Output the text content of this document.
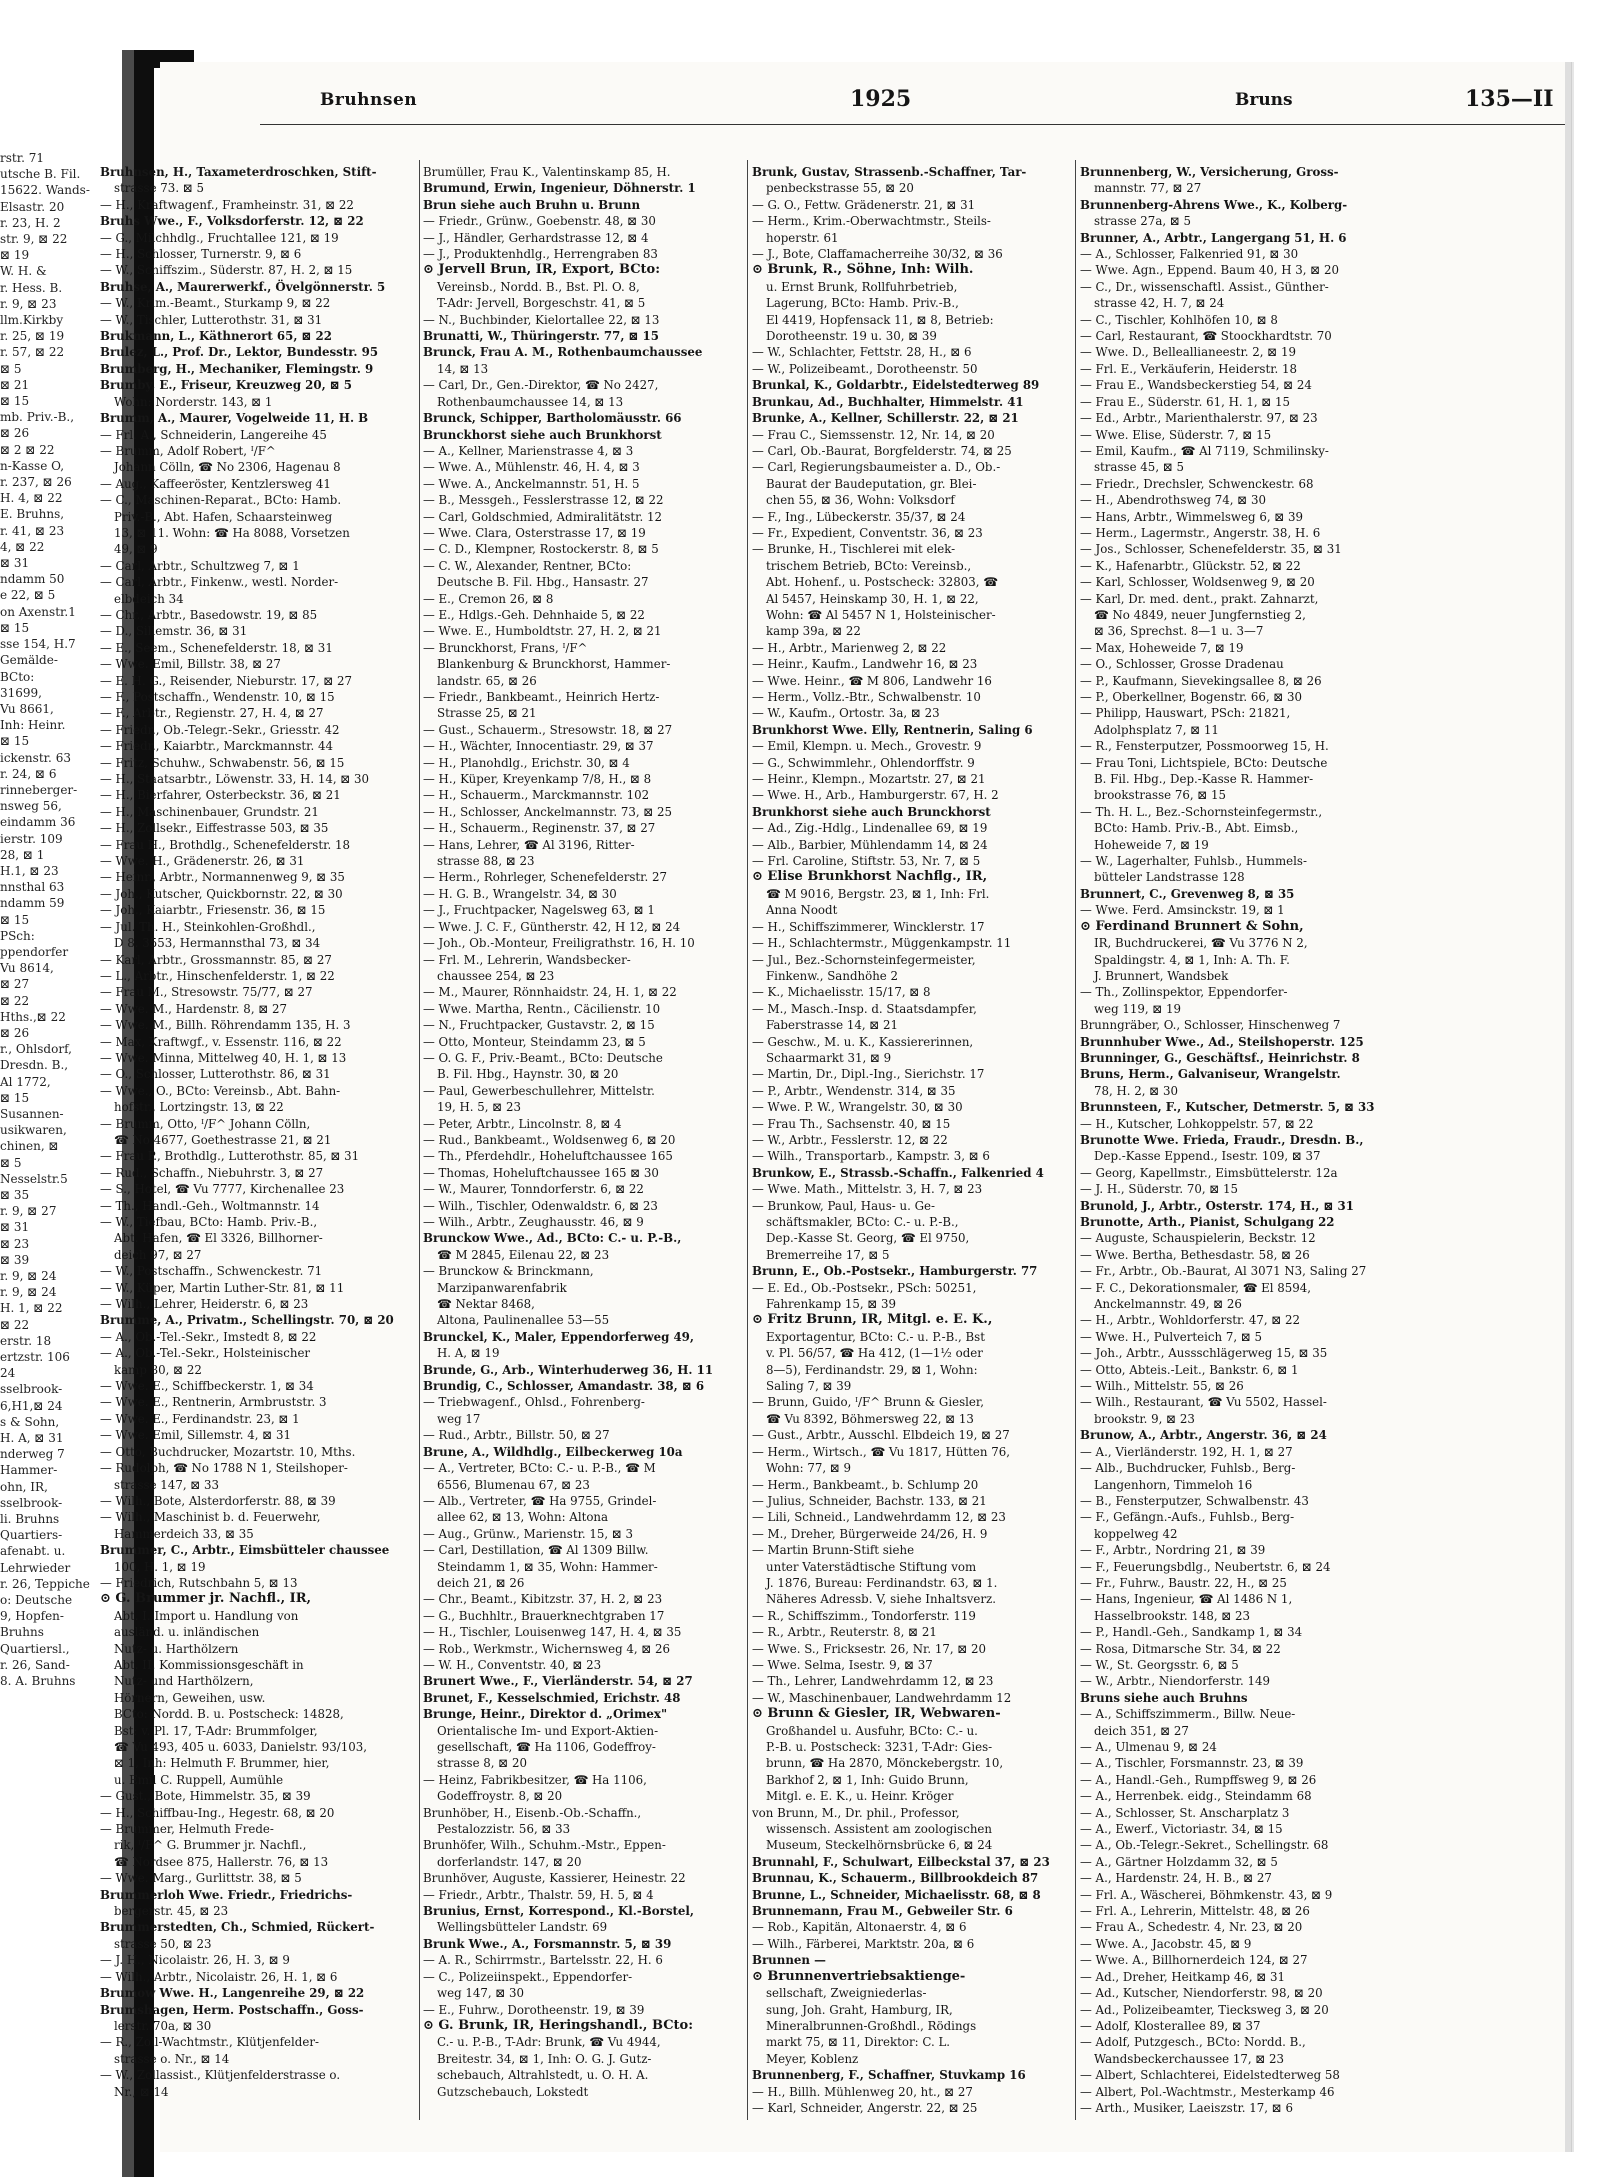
rstr. 71
utsche B. Fil.
15622. Wands-
Elsastr. 20
r. 23, H. 2
str. 9, ⊠ 22
⊠ 19
W. H. &
r. Hess. B.
r. 9, ⊠ 23
llm.Kirkby
r. 25, ⊠ 19
r. 57, ⊠ 22
⊠ 5
⊠ 21
⊠ 15
mb. Priv.-B.,
⊠ 26
⊠ 2 ⊠ 22
n-Kasse O,
r. 237, ⊠ 26
H. 4, ⊠ 22
E. Bruhns,
r. 41, ⊠ 23
4, ⊠ 22
⊠ 31
ndamm 50
e 22, ⊠ 5
on Axenstr.1
⊠ 15
sse 154, H.7
Gemälde-
BCto:
31699,
Vu 8661,
Inh: Heinr.
⊠ 15
ickenstr. 63
r. 24, ⊠ 6
rinneberger-
nsweg 56,
eindamm 36
ierstr. 109
28, ⊠ 1
H.1, ⊠ 23
nnsthal 63
ndamm 59
⊠ 15
PSch:
ppendorfer
Vu 8614,
⊠ 27
⊠ 22
Hths.,⊠ 22
⊠ 26
r., Ohlsdorf,
Dresdn. B.,
Al 1772,
⊠ 15
Susannen-
usikwaren,
chinen, ⊠
⊠ 5
Nesselstr.5
⊠ 35
r. 9, ⊠ 27
⊠ 31
⊠ 23
⊠ 39
r. 9, ⊠ 24
r. 9, ⊠ 24
H. 1, ⊠ 22
⊠ 22
erstr. 18
ertzstr. 106
24
sselbrook-
6,H1,⊠ 24
s & Sohn,
H. A, ⊠ 31
nderweg 7
Hammer-
ohn, IR,
sselbrook-
li. Bruhns
Quartiers-
afenabt. u.
Lehrwieder
r. 26, Teppiche
o: Deutsche
9, Hopfen-
Bruhns
Quartiersl.,
r. 26, Sand-
8. A. Bruhns
Bruhnsen	1925	Bruns	135—II
Bruhnsen, H., Taxameterdroschken, Stift-
strasse 73. ⊠ 5
— H., Kraftwagenf., Framheinstr. 31, ⊠ 22
Bruhs Wwe., F., Volksdorferstr. 12, ⊠ 22
— G., Milchhdlg., Fruchtallee 121, ⊠ 19
— H., Schlosser, Turnerstr. 9, ⊠ 6
— W., Schiffszim., Süderstr. 87, H. 2, ⊠ 15
Bruhse, A., Maurerwerkf., Övelgönnerstr. 5
— W., Krim.-Beamt., Sturkamp 9, ⊠ 22
— W., Tischler, Lutterothstr. 31, ⊠ 31
Brukmann, L., Käthnerort 65, ⊠ 22
Brulez, L., Prof. Dr., Lektor, Bundesstr. 95
Brumberg, H., Mechaniker, Flemingstr. 9
Brumby, E., Friseur, Kreuzweg 20, ⊠ 5
Wohn: Norderstr. 143, ⊠ 1
Brumm, A., Maurer, Vogelweide 11, H. B
— Frl. A., Schneiderin, Langereihe 45
— Brumm, Adolf Robert, ᴵ/F^
Johann Cölln, ☎ No 2306, Hagenau 8
— Aug., Kaffeeröster, Kentzlersweg 41
— C., Maschinen-Reparat., BCto: Hamb.
Priv.-B., Abt. Hafen, Schaarsteinweg
13, ⊠ 11. Wohn: ☎ Ha 8088, Vorsetzen
49, ⊠ 9
— Carl, Arbtr., Schultzweg 7, ⊠ 1
— Carl, Arbtr., Finkenw., westl. Norder-
elbdeich 34
— Chr., Arbtr., Basedowstr. 19, ⊠ 85
— D., Sillemstr. 36, ⊠ 31
— E., Seem., Schenefelderstr. 18, ⊠ 31
— Wwe. Emil, Billstr. 38, ⊠ 27
— E. H. G., Reisender, Nieburstr. 17, ⊠ 27
— F., Postschaffn., Wendenstr. 10, ⊠ 15
— F., Arbtr., Regienstr. 27, H. 4, ⊠ 27
— Friedr., Ob.-Telegr.-Sekr., Griesstr. 42
— Friedr., Kaiarbtr., Marckmannstr. 44
— Fritz, Schuhw., Schwabenstr. 56, ⊠ 15
— H., Staatsarbtr., Löwenstr. 33, H. 14, ⊠ 30
— H., Bierfahrer, Osterbeckstr. 36, ⊠ 21
— H., Maschinenbauer, Grundstr. 21
— H., Zollsekr., Eiffestrasse 503, ⊠ 35
— Frau H., Brothdlg., Schenefelderstr. 18
— Wwe. H., Grädenerstr. 26, ⊠ 31
— Heinr., Arbtr., Normannenweg 9, ⊠ 35
— Joh., Kutscher, Quickbornstr. 22, ⊠ 30
— Joh., Kaiarbtr., Friesenstr. 36, ⊠ 15
— Jul. Th. H., Steinkohlen-Großhdl.,
D 8. 3553, Hermannsthal 73, ⊠ 34
— Karl, Arbtr., Grossmannstr. 85, ⊠ 27
— L., Arbtr., Hinschenfelderstr. 1, ⊠ 22
— Frau M., Stresowstr. 75/77, ⊠ 27
— Wwe. M., Hardenstr. 8, ⊠ 27
— Wwe. M., Billh. Röhrendamm 135, H. 3
— Max, Kraftwgf., v. Essenstr. 116, ⊠ 22
— Wwe. Minna, Mittelweg 40, H. 1, ⊠ 13
— O., Schlosser, Lutterothstr. 86, ⊠ 31
— Wwe., O., BCto: Vereinsb., Abt. Bahn-
hofstr., Lortzingstr. 13, ⊠ 22
— Brumm, Otto, ᴵ/F^ Johann Cölln,
☎ No 4677, Goethestrasse 21, ⊠ 21
— Frau P., Brothdlg., Lutterothstr. 85, ⊠ 31
— Rud., Schaffn., Niebuhrstr. 3, ⊠ 27
— S., Hotel, ☎ Vu 7777, Kirchenallee 23
— Th., Handl.-Geh., Woltmannstr. 14
— W., Tiefbau, BCto: Hamb. Priv.-B.,
Abt. Hafen, ☎ El 3326, Billhorner-
deich 97, ⊠ 27
— W., Postschaffn., Schwenckestr. 71
— W., Küper, Martin Luther-Str. 81, ⊠ 11
— Wilh., Lehrer, Heiderstr. 6, ⊠ 23
Brumme, A., Privatm., Schellingstr. 70, ⊠ 20
— A., Ob.-Tel.-Sekr., Imstedt 8, ⊠ 22
— A., Ob.-Tel.-Sekr., Holsteinischer
kamp 80, ⊠ 22
— Wwe. E., Schiffbeckerstr. 1, ⊠ 34
— Wwe. E., Rentnerin, Armbruststr. 3
— Wwe. E., Ferdinandstr. 23, ⊠ 1
— Wwe. Emil, Sillemstr. 4, ⊠ 31
— Otto, Buchdrucker, Mozartstr. 10, Mths.
— Rudolph, ☎ No 1788 N 1, Steilshoper-
strasse 147, ⊠ 33
— Wilh., Bote, Alsterdorferstr. 88, ⊠ 39
— Wilh., Maschinist b. d. Feuerwehr,
Hammerdeich 33, ⊠ 35
Brummer, C., Arbtr., Eimsbütteler chaussee
100, H. 1, ⊠ 19
— Friedrich, Rutschbahn 5, ⊠ 13
⊙ G. Brummer jr. Nachfl., IR,
Abt. I. Import u. Handlung von
ausländ. u. inländischen
Nutz- u. Harthölzern
Abt. II. Kommissionsgeschäft in
Nutz- und Harthölzern,
Hörnern, Geweihen, usw.
BCto: Nordd. B. u. Postscheck: 14828,
Bst: v. Pl. 17, T-Adr: Brummfolger,
☎ Vu 493, 405 u. 6033, Danielstr. 93/103,
⊠ 1, Inh: Helmuth F. Brummer, hier,
u. Emil C. Ruppell, Aumühle
— Gust., Bote, Himmelstr. 35, ⊠ 39
— H., Schiffbau-Ing., Hegestr. 68, ⊠ 20
— Brummer, Helmuth Frede-
rik, ᴵ/F^ G. Brummer jr. Nachfl.,
☎ Nordsee 875, Hallerstr. 76, ⊠ 13
— Wwe. Marg., Gurlittstr. 38, ⊠ 5
Brummerloh Wwe. Friedr., Friedrichs-
bergerstr. 45, ⊠ 23
Brummerstedten, Ch., Schmied, Rückert-
strasse 50, ⊠ 23
— J. H., Nicolaistr. 26, H. 3, ⊠ 9
— Wilh., Arbtr., Nicolaistr. 26, H. 1, ⊠ 6
Brumow Wwe. H., Langenreihe 29, ⊠ 22
Brumshagen, Herm. Postschaffn., Goss-
lerstr. 70a, ⊠ 30
— R., Zoll-Wachtmstr., Klütjenfelder-
strasse o. Nr., ⊠ 14
— W., Zollassist., Klütjenfelderstrasse o.
Nr., ⊠ 14
Brumüller, Frau K., Valentinskamp 85, H.
Brumund, Erwin, Ingenieur, Döhnerstr. 1
Brun siehe auch Bruhn u. Brunn
— Friedr., Grünw., Goebenstr. 48, ⊠ 30
— J., Händler, Gerhardstrasse 12, ⊠ 4
— J., Produktenhdlg., Herrengraben 83
⊙ Jervell Brun, IR, Export, BCto:
Vereinsb., Nordd. B., Bst. Pl. O. 8,
T-Adr: Jervell, Borgeschstr. 41, ⊠ 5
— N., Buchbinder, Kielortallee 22, ⊠ 13
Brunatti, W., Thüringerstr. 77, ⊠ 15
Brunck, Frau A. M., Rothenbaumchaussee
14, ⊠ 13
— Carl, Dr., Gen.-Direktor, ☎ No 2427,
Rothenbaumchaussee 14, ⊠ 13
Brunck, Schipper, Bartholomäusstr. 66
Brunckhorst siehe auch Brunkhorst
— A., Kellner, Marienstrasse 4, ⊠ 3
— Wwe. A., Mühlenstr. 46, H. 4, ⊠ 3
— Wwe. A., Anckelmannstr. 51, H. 5
— B., Messgeh., Fesslerstrasse 12, ⊠ 22
— Carl, Goldschmied, Admiralitätstr. 12
— Wwe. Clara, Osterstrasse 17, ⊠ 19
— C. D., Klempner, Rostockerstr. 8, ⊠ 5
— C. W., Alexander, Rentner, BCto:
Deutsche B. Fil. Hbg., Hansastr. 27
— E., Cremon 26, ⊠ 8
— E., Hdlgs.-Geh. Dehnhaide 5, ⊠ 22
— Wwe. E., Humboldtstr. 27, H. 2, ⊠ 21
— Brunckhorst, Frans, ᴵ/F^
Blankenburg & Brunckhorst, Hammer-
landstr. 65, ⊠ 26
— Friedr., Bankbeamt., Heinrich Hertz-
Strasse 25, ⊠ 21
— Gust., Schauerm., Stresowstr. 18, ⊠ 27
— H., Wächter, Innocentiastr. 29, ⊠ 37
— H., Planohdlg., Erichstr. 30, ⊠ 4
— H., Küper, Kreyenkamp 7/8, H., ⊠ 8
— H., Schauerm., Marckmannstr. 102
— H., Schlosser, Anckelmannstr. 73, ⊠ 25
— H., Schauerm., Reginenstr. 37, ⊠ 27
— Hans, Lehrer, ☎ Al 3196, Ritter-
strasse 88, ⊠ 23
— Herm., Rohrleger, Schenefelderstr. 27
— H. G. B., Wrangelstr. 34, ⊠ 30
— J., Fruchtpacker, Nagelsweg 63, ⊠ 1
— Wwe. J. C. F., Güntherstr. 42, H 12, ⊠ 24
— Joh., Ob.-Monteur, Freiligrathstr. 16, H. 10
— Frl. M., Lehrerin, Wandsbecker-
chaussee 254, ⊠ 23
— M., Maurer, Rönnhaidstr. 24, H. 1, ⊠ 22
— Wwe. Martha, Rentn., Cäcilienstr. 10
— N., Fruchtpacker, Gustavstr. 2, ⊠ 15
— Otto, Monteur, Steindamm 23, ⊠ 5
— O. G. F., Priv.-Beamt., BCto: Deutsche
B. Fil. Hbg., Haynstr. 30, ⊠ 20
— Paul, Gewerbeschullehrer, Mittelstr.
19, H. 5, ⊠ 23
— Peter, Arbtr., Lincolnstr. 8, ⊠ 4
— Rud., Bankbeamt., Woldsenweg 6, ⊠ 20
— Th., Pferdehdlr., Hoheluftchaussee 165
— Thomas, Hoheluftchaussee 165 ⊠ 30
— W., Maurer, Tonndorferstr. 6, ⊠ 22
— Wilh., Tischler, Odenwaldstr. 6, ⊠ 23
— Wilh., Arbtr., Zeughausstr. 46, ⊠ 9
Brunckow Wwe., Ad., BCto: C.- u. P.-B.,
☎ M 2845, Eilenau 22, ⊠ 23
— Brunckow & Brinckmann,
Marzipanwarenfabrik
☎ Nektar 8468,
Altona, Paulinenallee 53—55
Brunckel, K., Maler, Eppendorferweg 49,
H. A, ⊠ 19
Brunde, G., Arb., Winterhuderweg 36, H. 11
Brundig, C., Schlosser, Amandastr. 38, ⊠ 6
— Triebwagenf., Ohlsd., Fohrenberg-
weg 17
— Rud., Arbtr., Billstr. 50, ⊠ 27
Brune, A., Wildhdlg., Eilbeckerweg 10a
— A., Vertreter, BCto: C.- u. P.-B., ☎ M
6556, Blumenau 67, ⊠ 23
— Alb., Vertreter, ☎ Ha 9755, Grindel-
allee 62, ⊠ 13, Wohn: Altona
— Aug., Grünw., Marienstr. 15, ⊠ 3
— Carl, Destillation, ☎ Al 1309 Billw.
Steindamm 1, ⊠ 35, Wohn: Hammer-
deich 21, ⊠ 26
— Chr., Beamt., Kibitzstr. 37, H. 2, ⊠ 23
— G., Buchhltr., Brauerknechtgraben 17
— H., Tischler, Louisenweg 147, H. 4, ⊠ 35
— Rob., Werkmstr., Wichernsweg 4, ⊠ 26
— W. H., Conventstr. 40, ⊠ 23
Brunert Wwe., F., Vierländerstr. 54, ⊠ 27
Brunet, F., Kesselschmied, Erichstr. 48
Brunge, Heinr., Direktor d. „Orimex"
Orientalische Im- und Export-Aktien-
gesellschaft, ☎ Ha 1106, Godeffroy-
strasse 8, ⊠ 20
— Heinz, Fabrikbesitzer, ☎ Ha 1106,
Godeffroystr. 8, ⊠ 20
Brunhöber, H., Eisenb.-Ob.-Schaffn.,
Pestalozzistr. 56, ⊠ 33
Brunhöfer, Wilh., Schuhm.-Mstr., Eppen-
dorferlandstr. 147, ⊠ 20
Brunhöver, Auguste, Kassierer, Heinestr. 22
— Friedr., Arbtr., Thalstr. 59, H. 5, ⊠ 4
Brunius, Ernst, Korrespond., Kl.-Borstel,
Wellingsbütteler Landstr. 69
Brunk Wwe., A., Forsmannstr. 5, ⊠ 39
— A. R., Schirrmstr., Bartelsstr. 22, H. 6
— C., Polizeiinspekt., Eppendorfer-
weg 147, ⊠ 30
— E., Fuhrw., Dorotheenstr. 19, ⊠ 39
⊙ G. Brunk, IR, Heringshandl., BCto:
C.- u. P.-B., T-Adr: Brunk, ☎ Vu 4944,
Breitestr. 34, ⊠ 1, Inh: O. G. J. Gutz-
schebauch, Altrahlstedt, u. O. H. A.
Gutzschebauch, Lokstedt
Brunk, Gustav, Strassenb.-Schaffner, Tar-
penbeckstrasse 55, ⊠ 20
— G. O., Fettw. Grädenerstr. 21, ⊠ 31
— Herm., Krim.-Oberwachtmstr., Steils-
hoperstr. 61
— J., Bote, Claffamacherreihe 30/32, ⊠ 36
⊙ Brunk, R., Söhne, Inh: Wilh.
u. Ernst Brunk, Rollfuhrbetrieb,
Lagerung, BCto: Hamb. Priv.-B.,
El 4419, Hopfensack 11, ⊠ 8, Betrieb:
Dorotheenstr. 19 u. 30, ⊠ 39
— W., Schlachter, Fettstr. 28, H., ⊠ 6
— W., Polizeibeamt., Dorotheenstr. 50
Brunkal, K., Goldarbtr., Eidelstedterweg 89
Brunkau, Ad., Buchhalter, Himmelstr. 41
Brunke, A., Kellner, Schillerstr. 22, ⊠ 21
— Frau C., Siemssenstr. 12, Nr. 14, ⊠ 20
— Carl, Ob.-Baurat, Borgfelderstr. 74, ⊠ 25
— Carl, Regierungsbaumeister a. D., Ob.-
Baurat der Baudeputation, gr. Blei-
chen 55, ⊠ 36, Wohn: Volksdorf
— F., Ing., Lübeckerstr. 35/37, ⊠ 24
— Fr., Expedient, Conventstr. 36, ⊠ 23
— Brunke, H., Tischlerei mit elek-
trischem Betrieb, BCto: Vereinsb.,
Abt. Hohenf., u. Postscheck: 32803, ☎
Al 5457, Heinskamp 30, H. 1, ⊠ 22,
Wohn: ☎ Al 5457 N 1, Holsteinischer-
kamp 39a, ⊠ 22
— H., Arbtr., Marienweg 2, ⊠ 22
— Heinr., Kaufm., Landwehr 16, ⊠ 23
— Wwe. Heinr., ☎ M 806, Landwehr 16
— Herm., Vollz.-Btr., Schwalbenstr. 10
— W., Kaufm., Ortostr. 3a, ⊠ 23
Brunkhorst Wwe. Elly, Rentnerin, Saling 6
— Emil, Klempn. u. Mech., Grovestr. 9
— G., Schwimmlehr., Ohlendorffstr. 9
— Heinr., Klempn., Mozartstr. 27, ⊠ 21
— Wwe. H., Arb., Hamburgerstr. 67, H. 2
Brunkhorst siehe auch Brunckhorst
— Ad., Zig.-Hdlg., Lindenallee 69, ⊠ 19
— Alb., Barbier, Mühlendamm 14, ⊠ 24
— Frl. Caroline, Stiftstr. 53, Nr. 7, ⊠ 5
⊙ Elise Brunkhorst Nachflg., IR,
☎ M 9016, Bergstr. 23, ⊠ 1, Inh: Frl.
Anna Noodt
— H., Schiffszimmerer, Wincklerstr. 17
— H., Schlachtermstr., Müggenkampstr. 11
— Jul., Bez.-Schornsteinfegermeister,
Finkenw., Sandhöhe 2
— K., Michaelisstr. 15/17, ⊠ 8
— M., Masch.-Insp. d. Staatsdampfer,
Faberstrasse 14, ⊠ 21
— Geschw., M. u. K., Kassiererinnen,
Schaarmarkt 31, ⊠ 9
— Martin, Dr., Dipl.-Ing., Sierichstr. 17
— P., Arbtr., Wendenstr. 314, ⊠ 35
— Wwe. P. W., Wrangelstr. 30, ⊠ 30
— Frau Th., Sachsenstr. 40, ⊠ 15
— W., Arbtr., Fesslerstr. 12, ⊠ 22
— Wilh., Transportarb., Kampstr. 3, ⊠ 6
Brunkow, E., Strassb.-Schaffn., Falkenried 4
— Wwe. Math., Mittelstr. 3, H. 7, ⊠ 23
— Brunkow, Paul, Haus- u. Ge-
schäftsmakler, BCto: C.- u. P.-B.,
Dep.-Kasse St. Georg, ☎ El 9750,
Bremerreihe 17, ⊠ 5
Brunn, E., Ob.-Postsekr., Hamburgerstr. 77
— E. Ed., Ob.-Postsekr., PSch: 50251,
Fahrenkamp 15, ⊠ 39
⊙ Fritz Brunn, IR, Mitgl. e. E. K.,
Exportagentur, BCto: C.- u. P.-B., Bst
v. Pl. 56/57, ☎ Ha 412, (1—1½ oder
8—5), Ferdinandstr. 29, ⊠ 1, Wohn:
Saling 7, ⊠ 39
— Brunn, Guido, ᴵ/F^ Brunn & Giesler,
☎ Vu 8392, Böhmersweg 22, ⊠ 13
— Gust., Arbtr., Ausschl. Elbdeich 19, ⊠ 27
— Herm., Wirtsch., ☎ Vu 1817, Hütten 76,
Wohn: 77, ⊠ 9
— Herm., Bankbeamt., b. Schlump 20
— Julius, Schneider, Bachstr. 133, ⊠ 21
— Lili, Schneid., Landwehrdamm 12, ⊠ 23
— M., Dreher, Bürgerweide 24/26, H. 9
— Martin Brunn-Stift siehe
unter Vaterstädtische Stiftung vom
J. 1876, Bureau: Ferdinandstr. 63, ⊠ 1.
Näheres Adressb. V, siehe Inhaltsverz.
— R., Schiffszimm., Tondorferstr. 119
— R., Arbtr., Reuterstr. 8, ⊠ 21
— Wwe. S., Fricksestr. 26, Nr. 17, ⊠ 20
— Wwe. Selma, Isestr. 9, ⊠ 37
— Th., Lehrer, Landwehrdamm 12, ⊠ 23
— W., Maschinenbauer, Landwehrdamm 12
⊙ Brunn & Giesler, IR, Webwaren-
Großhandel u. Ausfuhr, BCto: C.- u.
P.-B. u. Postscheck: 3231, T-Adr: Gies-
brunn, ☎ Ha 2870, Mönckebergstr. 10,
Barkhof 2, ⊠ 1, Inh: Guido Brunn,
Mitgl. e. E. K., u. Heinr. Kröger
von Brunn, M., Dr. phil., Professor,
wissensch. Assistent am zoologischen
Museum, Steckelhörnsbrücke 6, ⊠ 24
Brunnahl, F., Schulwart, Eilbeckstal 37, ⊠ 23
Brunnau, K., Schauerm., Billbrookdeich 87
Brunne, L., Schneider, Michaelisstr. 68, ⊠ 8
Brunnemann, Frau M., Gebweiler Str. 6
— Rob., Kapitän, Altonaerstr. 4, ⊠ 6
— Wilh., Färberei, Marktstr. 20a, ⊠ 6
Brunnen —
⊙ Brunnenvertriebsaktienge-
sellschaft, Zweigniederlas-
sung, Joh. Graht, Hamburg, IR,
Mineralbrunnen-Großhdl., Rödings
markt 75, ⊠ 11, Direktor: C. L.
Meyer, Koblenz
Brunnenberg, F., Schaffner, Stuvkamp 16
— H., Billh. Mühlenweg 20, ht., ⊠ 27
— Karl, Schneider, Angerstr. 22, ⊠ 25
Brunnenberg, W., Versicherung, Gross-
mannstr. 77, ⊠ 27
Brunnenberg-Ahrens Wwe., K., Kolberg-
strasse 27a, ⊠ 5
Brunner, A., Arbtr., Langergang 51, H. 6
— A., Schlosser, Falkenried 91, ⊠ 30
— Wwe. Agn., Eppend. Baum 40, H 3, ⊠ 20
— C., Dr., wissenschaftl. Assist., Günther-
strasse 42, H. 7, ⊠ 24
— C., Tischler, Kohlhöfen 10, ⊠ 8
— Carl, Restaurant, ☎ Stoockhardtstr. 70
— Wwe. D., Belleallianeestr. 2, ⊠ 19
— Frl. E., Verkäuferin, Heiderstr. 18
— Frau E., Wandsbeckerstieg 54, ⊠ 24
— Frau E., Süderstr. 61, H. 1, ⊠ 15
— Ed., Arbtr., Marienthalerstr. 97, ⊠ 23
— Wwe. Elise, Süderstr. 7, ⊠ 15
— Emil, Kaufm., ☎ Al 7119, Schmilinsky-
strasse 45, ⊠ 5
— Friedr., Drechsler, Schwenckestr. 68
— H., Abendrothsweg 74, ⊠ 30
— Hans, Arbtr., Wimmelsweg 6, ⊠ 39
— Herm., Lagermstr., Angerstr. 38, H. 6
— Jos., Schlosser, Schenefelderstr. 35, ⊠ 31
— K., Hafenarbtr., Glückstr. 52, ⊠ 22
— Karl, Schlosser, Woldsenweg 9, ⊠ 20
— Karl, Dr. med. dent., prakt. Zahnarzt,
☎ No 4849, neuer Jungfernstieg 2,
⊠ 36, Sprechst. 8—1 u. 3—7
— Max, Hoheweide 7, ⊠ 19
— O., Schlosser, Grosse Dradenau
— P., Kaufmann, Sievekingsallee 8, ⊠ 26
— P., Oberkellner, Bogenstr. 66, ⊠ 30
— Philipp, Hauswart, PSch: 21821,
Adolphsplatz 7, ⊠ 11
— R., Fensterputzer, Possmoorweg 15, H.
— Frau Toni, Lichtspiele, BCto: Deutsche
B. Fil. Hbg., Dep.-Kasse R. Hammer-
brookstrasse 76, ⊠ 15
— Th. H. L., Bez.-Schornsteinfegermstr.,
BCto: Hamb. Priv.-B., Abt. Eimsb.,
Hoheweide 7, ⊠ 19
— W., Lagerhalter, Fuhlsb., Hummels-
bütteler Landstrasse 128
Brunnert, C., Grevenweg 8, ⊠ 35
— Wwe. Ferd. Amsinckstr. 19, ⊠ 1
⊙ Ferdinand Brunnert & Sohn,
IR, Buchdruckerei, ☎ Vu 3776 N 2,
Spaldingstr. 4, ⊠ 1, Inh: A. Th. F.
J. Brunnert, Wandsbek
— Th., Zollinspektor, Eppendorfer-
weg 119, ⊠ 19
Brunngräber, O., Schlosser, Hinschenweg 7
Brunnhuber Wwe., Ad., Steilshoperstr. 125
Brunninger, G., Geschäftsf., Heinrichstr. 8
Bruns, Herm., Galvaniseur, Wrangelstr.
78, H. 2, ⊠ 30
Brunnsteen, F., Kutscher, Detmerstr. 5, ⊠ 33
— H., Kutscher, Lohkoppelstr. 57, ⊠ 22
Brunotte Wwe. Frieda, Fraudr., Dresdn. B.,
Dep.-Kasse Eppend., Isestr. 109, ⊠ 37
— Georg, Kapellmstr., Eimsbüttelerstr. 12a
— J. H., Süderstr. 70, ⊠ 15
Brunold, J., Arbtr., Osterstr. 174, H., ⊠ 31
Brunotte, Arth., Pianist, Schulgang 22
— Auguste, Schauspielerin, Beckstr. 12
— Wwe. Bertha, Bethesdastr. 58, ⊠ 26
— Fr., Arbtr., Ob.-Baurat, Al 3071 N3, Saling 27
— F. C., Dekorationsmaler, ☎ El 8594,
Anckelmannstr. 49, ⊠ 26
— H., Arbtr., Wohldorferstr. 47, ⊠ 22
— Wwe. H., Pulverteich 7, ⊠ 5
— Joh., Arbtr., Aussschlägerweg 15, ⊠ 35
— Otto, Abteis.-Leit., Bankstr. 6, ⊠ 1
— Wilh., Mittelstr. 55, ⊠ 26
— Wilh., Restaurant, ☎ Vu 5502, Hassel-
brookstr. 9, ⊠ 23
Brunow, A., Arbtr., Angerstr. 36, ⊠ 24
— A., Vierländerstr. 192, H. 1, ⊠ 27
— Alb., Buchdrucker, Fuhlsb., Berg-
Langenhorn, Timmeloh 16
— B., Fensterputzer, Schwalbenstr. 43
— F., Gefängn.-Aufs., Fuhlsb., Berg-
koppelweg 42
— F., Arbtr., Nordring 21, ⊠ 39
— F., Feuerungsbdlg., Neubertstr. 6, ⊠ 24
— Fr., Fuhrw., Baustr. 22, H., ⊠ 25
— Hans, Ingenieur, ☎ Al 1486 N 1,
Hasselbrookstr. 148, ⊠ 23
— P., Handl.-Geh., Sandkamp 1, ⊠ 34
— Rosa, Ditmarsche Str. 34, ⊠ 22
— W., St. Georgsstr. 6, ⊠ 5
— W., Arbtr., Niendorferstr. 149
Bruns siehe auch Bruhns
— A., Schiffszimmerm., Billw. Neue-
deich 351, ⊠ 27
— A., Ulmenau 9, ⊠ 24
— A., Tischler, Forsmannstr. 23, ⊠ 39
— A., Handl.-Geh., Rumpffsweg 9, ⊠ 26
— A., Herrenbek. eidg., Steindamm 68
— A., Schlosser, St. Anscharplatz 3
— A., Ewerf., Victoriastr. 34, ⊠ 15
— A., Ob.-Telegr.-Sekret., Schellingstr. 68
— A., Gärtner Holzdamm 32, ⊠ 5
— A., Hardenstr. 24, H. B., ⊠ 27
— Frl. A., Wäscherei, Böhmkenstr. 43, ⊠ 9
— Frl. A., Lehrerin, Mittelstr. 48, ⊠ 26
— Frau A., Schedestr. 4, Nr. 23, ⊠ 20
— Wwe. A., Jacobstr. 45, ⊠ 9
— Wwe. A., Billhornerdeich 124, ⊠ 27
— Ad., Dreher, Heitkamp 46, ⊠ 31
— Ad., Kutscher, Niendorferstr. 98, ⊠ 20
— Ad., Polizeibeamter, Tiecksweg 3, ⊠ 20
— Adolf, Klosterallee 89, ⊠ 37
— Adolf, Putzgesch., BCto: Nordd. B.,
Wandsbeckerchaussee 17, ⊠ 23
— Albert, Schlachterei, Eidelstedterweg 58
— Albert, Pol.-Wachtmstr., Mesterkamp 46
— Arth., Musiker, Laeiszstr. 17, ⊠ 6
